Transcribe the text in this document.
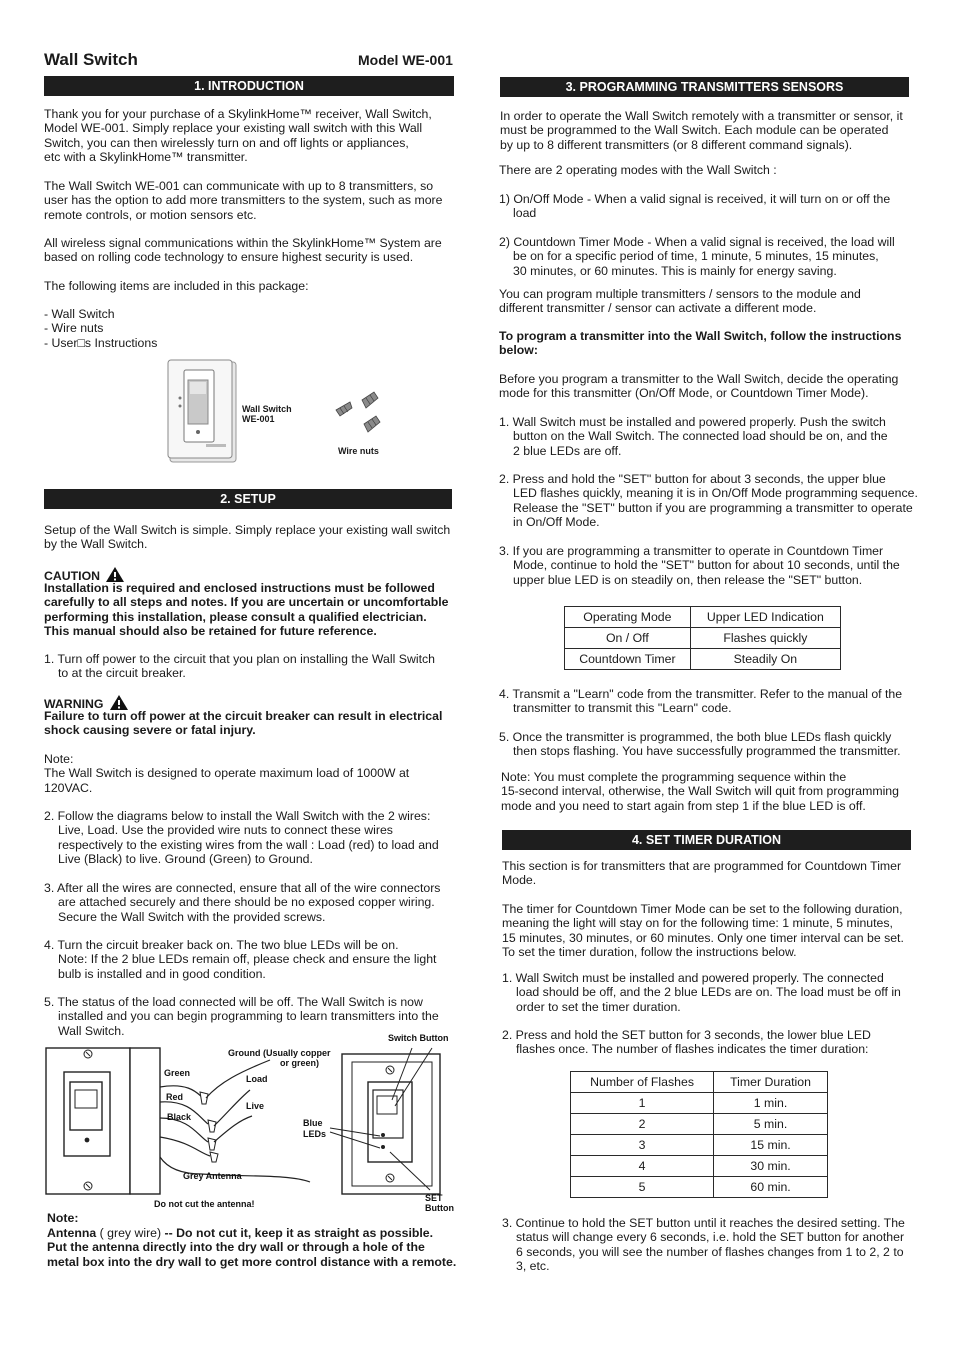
Wall Switch	Model WE-001
1. INTRODUCTION

Thank you for your purchase of a SkylinkHome™ receiver, Wall Switch,
Model WE-001. Simply replace your existing wall switch with this Wall
Switch, you can then wirelessly turn on and off lights or appliances,
etc with a SkylinkHome™ transmitter.

The Wall Switch WE-001 can communicate with up to 8 transmitters, so
user has the option to add more transmitters to the system, such as more
remote controls, or motion sensors etc.

All wireless signal communications within the SkylinkHome™ System are
based on rolling code technology to ensure highest security is used.

The following items are included in this package:

- Wall Switch
- Wire nuts
- User□s Instructions
Wall Switch
WE-001
Wire nuts
2. SETUP

Setup of the Wall Switch is simple. Simply replace your existing wall switch
by the Wall Switch.

CAUTION

Installation is required and enclosed instructions must be followed
carefully to all steps and notes. If you are uncertain or uncomfortable
performing this installation, please consult a qualified electrician.
This manual should also be retained for future reference.

1. Turn off power to the circuit that you plan on installing the Wall Switch
to at the circuit breaker.

WARNING

Failure to turn off power at the circuit breaker can result in electrical
shock causing severe or fatal injury.

Note:
The Wall Switch is designed to operate maximum load of 1000W at
120VAC.

2. Follow the diagrams below to install the Wall Switch with the 2 wires:
Live, Load. Use the provided wire nuts to connect these wires
respectively to the existing wires from the wall : Load (red) to load and
Live (Black) to live. Ground (Green) to Ground.

3. After all the wires are connected, ensure that all of the wire connectors
are attached securely and there should be no exposed copper wiring.
Secure the Wall Switch with the provided screws.

4. Turn the circuit breaker back on. The two blue LEDs will be on.
Note: If the 2 blue LEDs remain off, please check and ensure the light
bulb is installed and in good condition.

5. The status of the load connected will be off. The Wall Switch is now
installed and you can begin programming to learn transmitters into the
Wall Switch.

Ground (Usually copper
or green)
Green
Load
Red
Live
Black
Grey Antenna
Do not cut the antenna!
Switch Button
Blue
LEDs
SET
Button
Note:

Antenna ( grey wire) -- Do not cut it, keep it as straight as possible.
Put the antenna directly into the dry wall or through a hole of the
metal box into the dry wall to get more control distance with a remote.

3. PROGRAMMING TRANSMITTERS SENSORS

In order to operate the Wall Switch remotely with a transmitter or sensor, it
must be programmed to the Wall Switch. Each module can be operated
by up to 8 different transmitters (or 8 different command signals).

There are 2 operating modes with the Wall Switch :

1) On/Off Mode - When a valid signal is received, it will turn on or off the
load

2) Countdown Timer Mode - When a valid signal is received, the load will
be on for a specific period of time, 1 minute, 5 minutes, 15 minutes,
30 minutes, or 60 minutes. This is mainly for energy saving.

You can program multiple transmitters / sensors to the module and
different transmitter / sensor can activate a different mode.

To program a transmitter into the Wall Switch, follow the instructions
below:

Before you program a transmitter to the Wall Switch, decide the operating
mode for this transmitter (On/Off Mode, or Countdown Timer Mode).

1. Wall Switch must be installed and powered properly. Push the switch
button on the Wall Switch. The connected load should be on, and the
2 blue LEDs are off.

2. Press and hold the "SET" button for about 3 seconds, the upper blue
LED flashes quickly, meaning it is in On/Off Mode programming sequence.
Release the "SET" button if you are programming a transmitter to operate
in On/Off Mode.

3. If you are programming a transmitter to operate in Countdown Timer
Mode, continue to hold the "SET" button for about 10 seconds, until the
upper blue LED is on steadily on, then release the "SET" button.

Operating Mode	Upper LED Indication
On / Off	Flashes quickly
Countdown Timer	Steadily On

4. Transmit a "Learn" code from the transmitter. Refer to the manual of the
transmitter to transmit this "Learn" code.

5. Once the transmitter is programmed, the both blue LEDs flash quickly
then stops flashing. You have successfully programmed the transmitter.

Note: You must complete the programming sequence within the
15-second interval, otherwise, the Wall Switch will quit from programming
mode and you need to start again from step 1 if the blue LED is off.

4. SET TIMER DURATION

This section is for transmitters that are programmed for Countdown Timer
Mode.

The timer for Countdown Timer Mode can be set to the following duration,
meaning the light will stay on for the following time: 1 minute, 5 minutes,
15 minutes, 30 minutes, or 60 minutes. Only one timer interval can be set.
To set the timer duration, follow the instructions below.

1. Wall Switch must be installed and powered properly. The connected
load should be off, and the 2 blue LEDs are on. The load must be off in
order to set the timer duration.

2. Press and hold the SET button for 3 seconds, the lower blue LED
flashes once. The number of flashes indicates the timer duration:

Number of Flashes	Timer Duration
1	1 min.
2	5 min.
3	15 min.
4	30 min.
5	60 min.

3. Continue to hold the SET button until it reaches the desired setting. The
status will change every 6 seconds, i.e. hold the SET button for another
6 seconds, you will see the number of flashes changes from 1 to 2, 2 to
3, etc.
